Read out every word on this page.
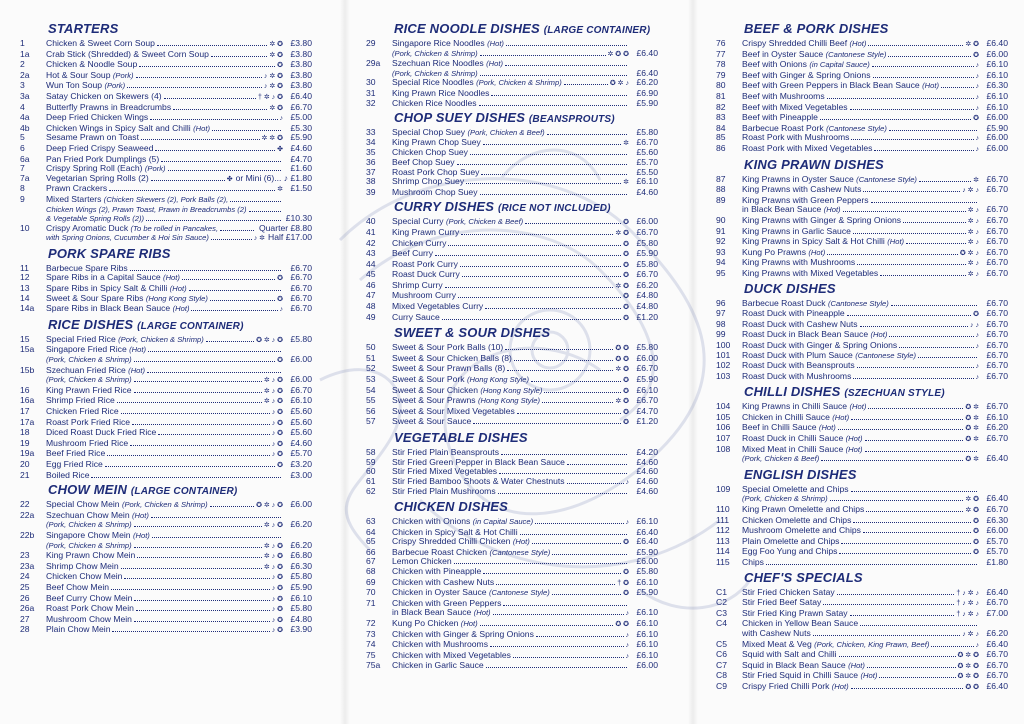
STARTERS
1	Chicken & Sweet Corn Soup	✲ ✪ £3.80
1a	Crab Stick (Shredded) & Sweet Corn Soup	✲ ✪ £3.80
2	Chicken & Noodle Soup	✪ £3.80
2a	Hot & Sour Soup (Pork)	♪ ✲ ✪ £3.80
3	Wun Ton Soup (Pork)	♪ ✲ ✪ £3.80
3a	Satay Chicken on Skewers (4)	† ✲ ♪ ✪ £6.40
4	Butterfly Prawns in Breadcrumbs	✲ ✪ £6.70
4a	Deep Fried Chicken Wings	♪ £5.00
4b	Chicken Wings in Spicy Salt and Chilli (Hot)	£5.30
5	Sesame Prawn on Toast	✲ ✲ ✪ £5.90
6	Deep Fried Crispy Seaweed	✤ £4.60
6a	Pan Fried Pork Dumplings (5)	£4.70
7	Crispy Spring Roll (Each) (Pork)	£1.60
7a	Vegetarian Spring Rolls (2)	✤ or Mini (6)... ♪ £1.80
8	Prawn Crackers	✲ £1.50
9	Mixed Starters (Chicken Skewers (2), Pork Balls (2),
Chicken Wings (2), Prawn Toast, Prawn in Breadcrumbs (2)
& Vegetable Spring Rolls (2))	£10.30
10	Crispy Aromatic Duck (To be rolled in Pancakes,	Quarter £8.80
with Spring Onions, Cucumber & Hoi Sin Sauce)	♪ ✲ Half £17.00
PORK SPARE RIBS
11	Barbecue Spare Ribs	£6.70
12	Spare Ribs in a Capital Sauce (Hot)	✪ £6.70
13	Spare Ribs in Spicy Salt & Chilli (Hot)	£6.70
14	Sweet & Sour Spare Ribs (Hong Kong Style)	✪ £6.70
14a	Spare Ribs in Black Bean Sauce (Hot)	♪ £6.70
RICE DISHES (LARGE CONTAINER)
15	Special Fried Rice (Pork, Chicken & Shrimp)	✪ ✲ ♪ ✪ £5.80
15a	Singapore Fried Rice (Hot)
(Pork, Chicken & Shrimp)	✪ £6.00
15b	Szechuan Fried Rice (Hot)
(Pork, Chicken & Shrimp)	✲ ♪ ✪ £6.00
16	King Prawn Fried Rice	✲ ♪ ✪ £6.70
16a	Shrimp Fried Rice	✲ ♪ ✪ £6.10
17	Chicken Fried Rice	♪ ✪ £5.60
17a	Roast Pork Fried Rice	♪ ✪ £5.60
18	Diced Roast Duck Fried Rice	♪ ✪ £5.60
19	Mushroom Fried Rice	♪ ✪ £4.60
19a	Beef Fried Rice	♪ ✪ £5.70
20	Egg Fried Rice	✪ £3.20
21	Boiled Rice	£3.00
CHOW MEIN (LARGE CONTAINER)
22	Special Chow Mein (Pork, Chicken & Shrimp)	✪ ✲ ♪ ✪ £6.00
22a	Szechuan Chow Mein (Hot)
(Pork, Chicken & Shrimp)	✲ ♪ ✪ £6.20
22b	Singapore Chow Mein (Hot)
(Pork, Chicken & Shrimp)	✲ ♪ ✪ £6.20
23	King Prawn Chow Mein	✲ ♪ ✪ £6.80
23a	Shrimp Chow Mein	✲ ♪ ✪ £6.30
24	Chicken Chow Mein	♪ ✪ £5.80
25	Beef Chow Mein	♪ ✪ £5.90
26	Beef Curry Chow Mein	♪ ✪ £6.10
26a	Roast Pork Chow Mein	♪ ✪ £5.80
27	Mushroom Chow Mein	♪ ✪ £4.80
28	Plain Chow Mein	♪ ✪ £3.90
RICE NOODLE DISHES (LARGE CONTAINER)
29	Singapore Rice Noodles (Hot)
(Pork, Chicken & Shrimp)	✲ ✪ ✪ £6.40
29a	Szechuan Rice Noodles (Hot)
(Pork, Chicken & Shrimp)	£6.40
30	Special Rice Noodles (Pork, Chicken & Shrimp)	✪ ✲ ♪ £6.20
31	King Prawn Rice Noodles	£6.90
32	Chicken Rice Noodles	£5.90
CHOP SUEY DISHES (BEANSPROUTS)
33	Special Chop Suey (Pork, Chicken & Beef)	£5.80
34	King Prawn Chop Suey	✲ £6.70
35	Chicken Chop Suey	£5.60
36	Beef Chop Suey	£5.70
37	Roast Pork Chop Suey	£5.50
38	Shrimp Chop Suey	✲ £6.10
39	Mushroom Chop Suey	£4.60
CURRY DISHES (RICE NOT INCLUDED)
40	Special Curry (Pork, Chicken & Beef)	✪ £6.00
41	King Prawn Curry	✲ ✪ £6.70
42	Chicken Curry	✪ £5.80
43	Beef Curry	✪ £5.90
44	Roast Pork Curry	✪ £5.80
45	Roast Duck Curry	✪ £6.70
46	Shrimp Curry	✲ ✪ £6.20
47	Mushroom Curry	✪ £4.80
48	Mixed Vegetables Curry	✪ £4.80
49	Curry Sauce	✪ £1.20
SWEET & SOUR DISHES
50	Sweet & Sour Pork Balls (10)	✪ ✪ £5.80
51	Sweet & Sour Chicken Balls (8)	✪ ✪ £6.00
52	Sweet & Sour Prawn Balls (8)	✲ ✪ £6.70
53	Sweet & Sour Pork (Hong Kong Style)	✪ £5.90
54	Sweet & Sour Chicken (Hong Kong Style)	✪ £6.10
55	Sweet & Sour Prawns (Hong Kong Style)	✲ ✪ £6.70
56	Sweet & Sour Mixed Vegetables	✪ £4.70
57	Sweet & Sour Sauce	✪ £1.20
VEGETABLE DISHES
58	Stir Fried Plain Beansprouts	£4.20
59	Stir Fried Green Pepper in Black Bean Sauce	£4.60
60	Stir Fried Mixed Vegetables	£4.60
61	Stir Fried Bamboo Shoots & Water Chestnuts	♪ £4.60
62	Stir Fried Plain Mushrooms	£4.60
CHICKEN DISHES
63	Chicken with Onions (in Capital Sauce)	♪ £6.10
64	Chicken in Spicy Salt & Hot Chilli	£6.40
65	Crispy Shredded Chilli Chicken (Hot)	✪ £6.40
66	Barbecue Roast Chicken (Cantonese Style)	£5.90
67	Lemon Chicken	£6.00
68	Chicken with Pineapple	✪ £5.80
69	Chicken with Cashew Nuts	† ✪ £6.10
70	Chicken in Oyster Sauce (Cantonese Style)	✪ £5.90
71	Chicken with Green Peppers
in Black Bean Sauce (Hot)	♪ £6.10
72	Kung Po Chicken (Hot)	✪ ✪ £6.10
73	Chicken with Ginger & Spring Onions	♪ £6.10
74	Chicken with Mushrooms	♪ £6.10
75	Chicken with Mixed Vegetables	♪ £6.10
75a	Chicken in Garlic Sauce	£6.00
BEEF & PORK DISHES
76	Crispy Shredded Chilli Beef (Hot)	✲ ✪ £6.40
77	Beef in Oyster Sauce (Cantonese Style)	✪ £6.00
78	Beef with Onions (in Capital Sauce)	♪ £6.10
79	Beef with Ginger & Spring Onions	♪ £6.10
80	Beef with Green Peppers in Black Bean Sauce (Hot)	♪ £6.30
81	Beef with Mushrooms	♪ £6.10
82	Beef with Mixed Vegetables	♪ £6.10
83	Beef with Pineapple	✪ £6.00
84	Barbecue Roast Pork (Cantonese Style)	£5.90
85	Roast Pork with Mushrooms	♪ £6.00
86	Roast Pork with Mixed Vegetables	♪ £6.00
KING PRAWN DISHES
87	King Prawns in Oyster Sauce (Cantonese Style)	✲ £6.70
88	King Prawns with Cashew Nuts	♪ ✲ ♪ £6.70
89	King Prawns with Green Peppers
in Black Bean Sauce (Hot)	✲ ♪ £6.70
90	King Prawns with Ginger & Spring Onions	✲ ♪ £6.70
91	King Prawns in Garlic Sauce	✲ ♪ £6.70
92	King Prawns in Spicy Salt & Hot Chilli (Hot)	✲ ♪ £6.70
93	Kung Po Prawns (Hot)	✪ ✲ ♪ £6.70
94	King Prawns with Mushrooms	✲ ♪ £6.70
95	King Prawns with Mixed Vegetables	✲ ♪ £6.70
DUCK DISHES
96	Barbecue Roast Duck (Cantonese Style)	£6.70
97	Roast Duck with Pineapple	✪ £6.70
98	Roast Duck with Cashew Nuts	♪ ♪ £6.70
99	Roast Duck in Black Bean Sauce (Hot)	♪ £6.70
100	Roast Duck with Ginger & Spring Onions	♪ £6.70
101	Roast Duck with Plum Sauce (Cantonese Style)	£6.70
102	Roast Duck with Beansprouts	♪ £6.70
103	Roast Duck with Mushrooms	♪ £6.70
CHILLI DISHES (SZECHUAN STYLE)
104	King Prawns in Chilli Sauce (Hot)	✪ ✲ £6.70
105	Chicken in Chilli Sauce (Hot)	✪ ✲ £6.10
106	Beef in Chilli Sauce (Hot)	✪ ✲ £6.20
107	Roast Duck in Chilli Sauce (Hot)	✪ ✲ £6.70
108	Mixed Meat in Chilli Sauce (Hot)
(Pork, Chicken & Beef)	✪ ✲ £6.40
ENGLISH DISHES
109	Special Omelette and Chips
(Pork, Chicken & Shrimp)	✲ ✪ £6.40
110	King Prawn Omelette and Chips	✲ ✪ £6.70
111	Chicken Omelette and Chips	✪ £6.30
112	Mushroom Omelette and Chips	✪ £6.00
113	Plain Omelette and Chips	✪ £5.70
114	Egg Foo Yung and Chips	✪ £5.70
115	Chips	£1.80
CHEF'S SPECIALS
C1	Stir Fried Chicken Satay	† ♪ ✲ ♪ £6.40
C2	Stir Fried Beef Satay	† ♪ ✲ ♪ £6.70
C3	Stir Fried King Prawn Satay	† ♪ ✲ ♪ £7.00
C4	Chicken in Yellow Bean Sauce
with Cashew Nuts	♪ ✲ ♪ £6.20
C5	Mixed Meat & Veg (Pork, Chicken, King Prawn, Beef)	♪ £6.40
C6	Squid with Salt and Chilli	✪ ✲ ✪ £6.70
C7	Squid in Black Bean Sauce (Hot)	✪ ✲ ✪ £6.70
C8	Stir Fried Squid in Chilli Sauce (Hot)	✪ ✲ ✪ £6.70
C9	Crispy Fried Chilli Pork (Hot)	✪ ✪ £6.40
